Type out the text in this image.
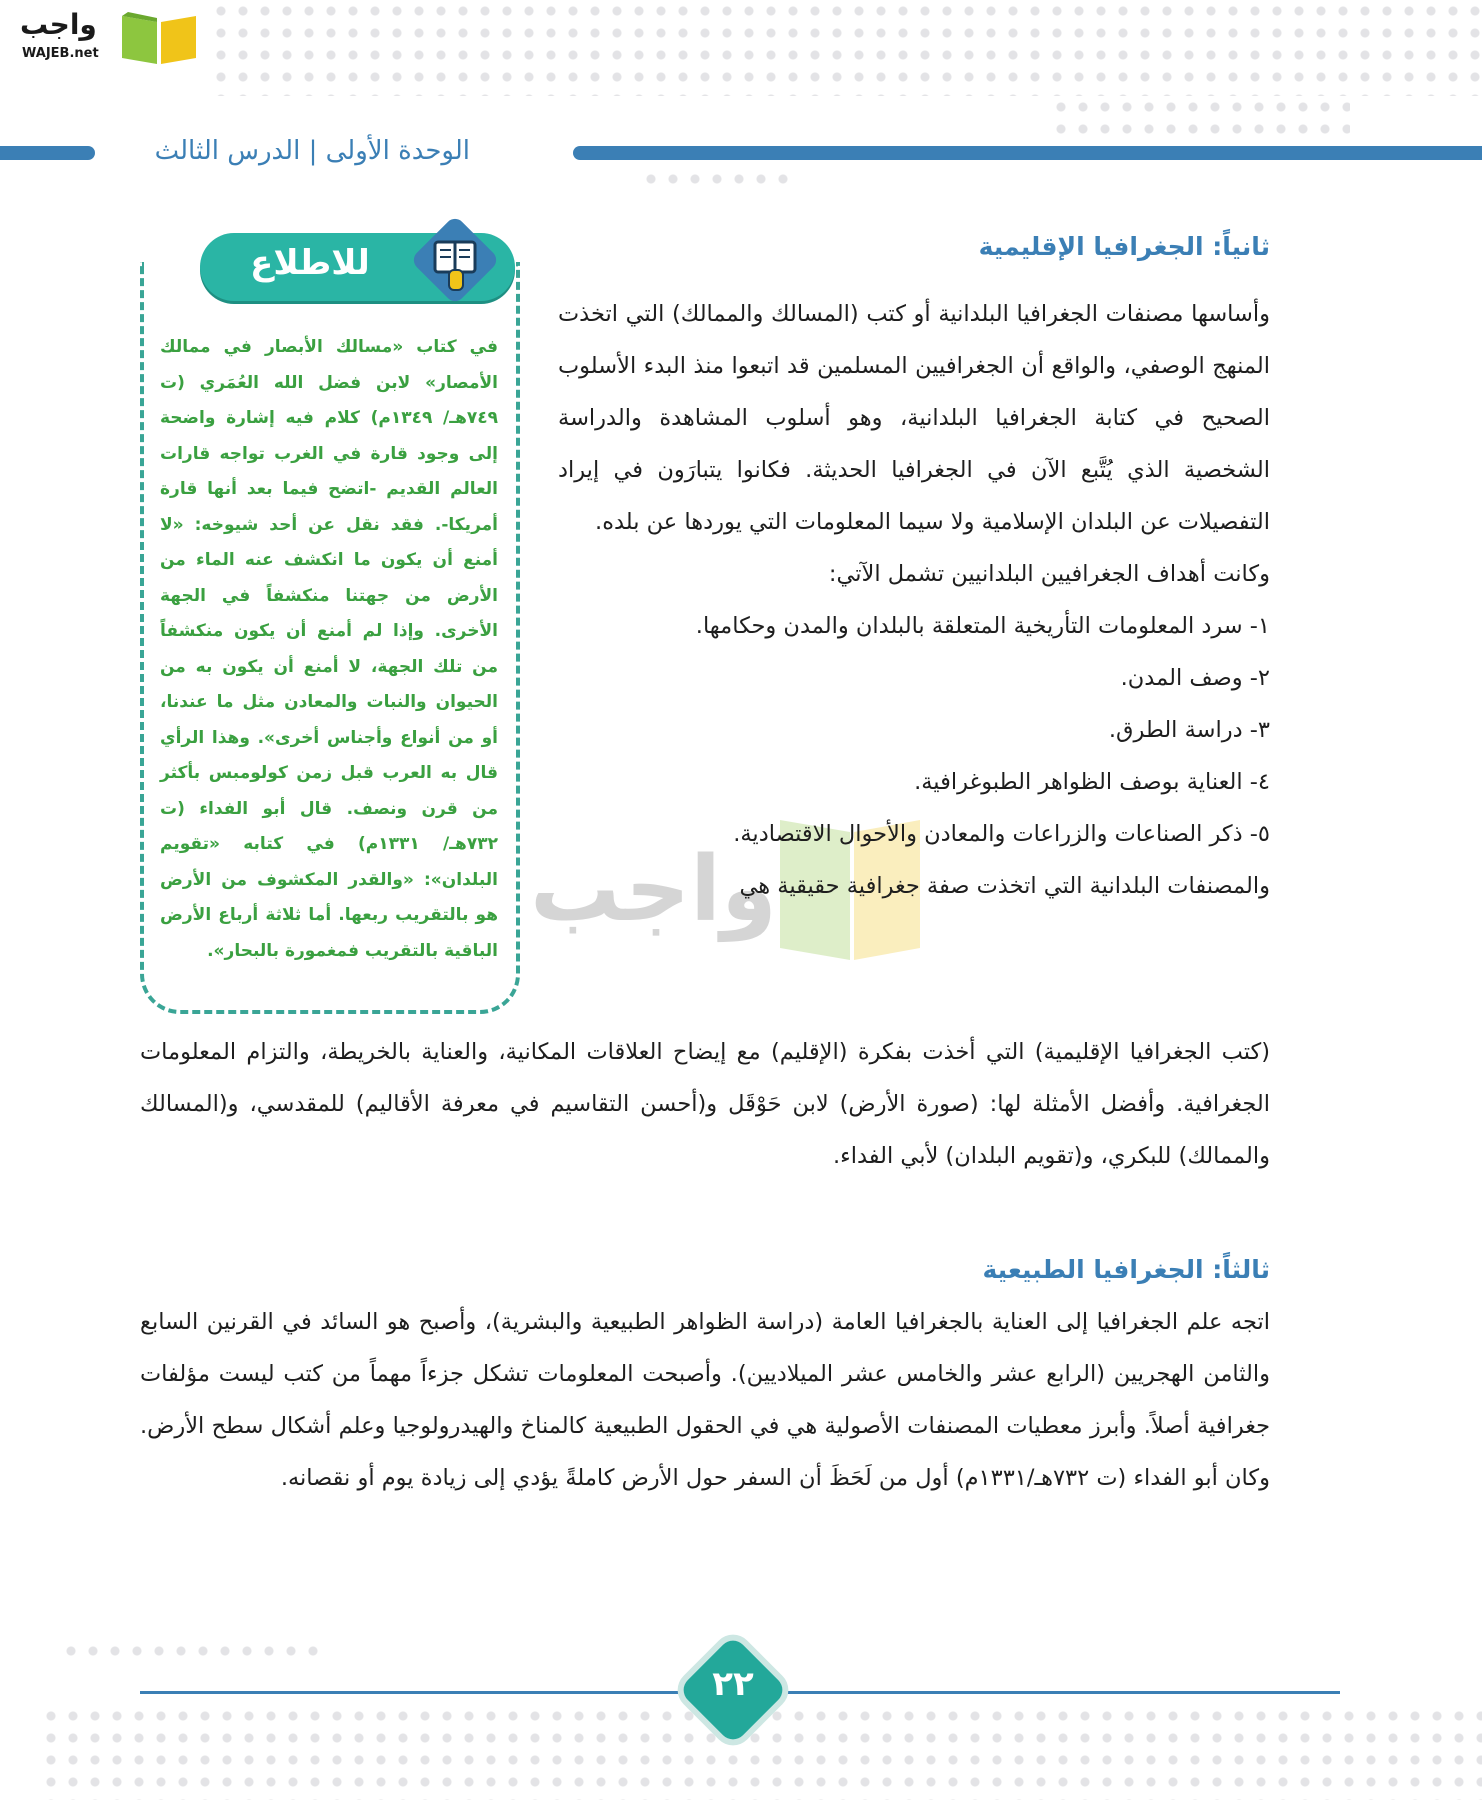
واجب
WAJEB.net
الوحدة الأولى | الدرس الثالث
للاطلاع
في كتاب «مسالك الأبصار في ممالك الأمصار» لابن فضل الله العُمَري (ت ٧٤٩هـ/ ١٣٤٩م) كلام فيه إشارة واضحة إلى وجود قارة في الغرب تواجه قارات العالم القديم -اتضح فيما بعد أنها قارة أمريكا-. فقد نقل عن أحد شيوخه: «لا أمنع أن يكون ما انكشف عنه الماء من الأرض من جهتنا منكشفاً في الجهة الأخرى. وإذا لم أمنع أن يكون منكشفاً من تلك الجهة، لا أمنع أن يكون به من الحيوان والنبات والمعادن مثل ما عندنا، أو من أنواع وأجناس أخرى». وهذا الرأي قال به العرب قبل زمن كولومبس بأكثر من قرن ونصف. قال أبو الفداء (ت ٧٣٢هـ/ ١٣٣١م) في كتابه «تقويم البلدان»: «والقدر المكشوف من الأرض هو بالتقريب ربعها. أما ثلاثة أرباع الأرض الباقية بالتقريب فمغمورة بالبحار».
واجب
ثانياً: الجغرافيا الإقليمية
وأساسها مصنفات الجغرافيا البلدانية أو كتب (المسالك والممالك) التي اتخذت المنهج الوصفي، والواقع أن الجغرافيين المسلمين قد اتبعوا منذ البدء الأسلوب الصحيح في كتابة الجغرافيا البلدانية، وهو أسلوب المشاهدة والدراسة الشخصية الذي يُتَّبع الآن في الجغرافيا الحديثة. فكانوا يتبارَون في إيراد التفصيلات عن البلدان الإسلامية ولا سيما المعلومات التي يوردها عن بلده.
وكانت أهداف الجغرافيين البلدانيين تشمل الآتي:
١- سرد المعلومات التأريخية المتعلقة بالبلدان والمدن وحكامها.
٢- وصف المدن.
٣- دراسة الطرق.
٤- العناية بوصف الظواهر الطبوغرافية.
٥- ذكر الصناعات والزراعات والمعادن والأحوال الاقتصادية.
والمصنفات البلدانية التي اتخذت صفة جغرافية حقيقية هي
(كتب الجغرافيا الإقليمية) التي أخذت بفكرة (الإقليم) مع إيضاح العلاقات المكانية، والعناية بالخريطة، والتزام المعلومات الجغرافية. وأفضل الأمثلة لها: (صورة الأرض) لابن حَوْقَل و(أحسن التقاسيم في معرفة الأقاليم) للمقدسي، و(المسالك والممالك) للبكري، و(تقويم البلدان) لأبي الفداء.
ثالثاً: الجغرافيا الطبيعية
اتجه علم الجغرافيا إلى العناية بالجغرافيا العامة (دراسة الظواهر الطبيعية والبشرية)، وأصبح هو السائد في القرنين السابع والثامن الهجريين (الرابع عشر والخامس عشر الميلاديين). وأصبحت المعلومات تشكل جزءاً مهماً من كتب ليست مؤلفات جغرافية أصلاً. وأبرز معطيات المصنفات الأصولية هي في الحقول الطبيعية كالمناخ والهيدرولوجيا وعلم أشكال سطح الأرض. وكان أبو الفداء (ت ٧٣٢هـ/١٣٣١م) أول من لَحَظَ أن السفر حول الأرض كاملةً يؤدي إلى زيادة يوم أو نقصانه.
٢٢
